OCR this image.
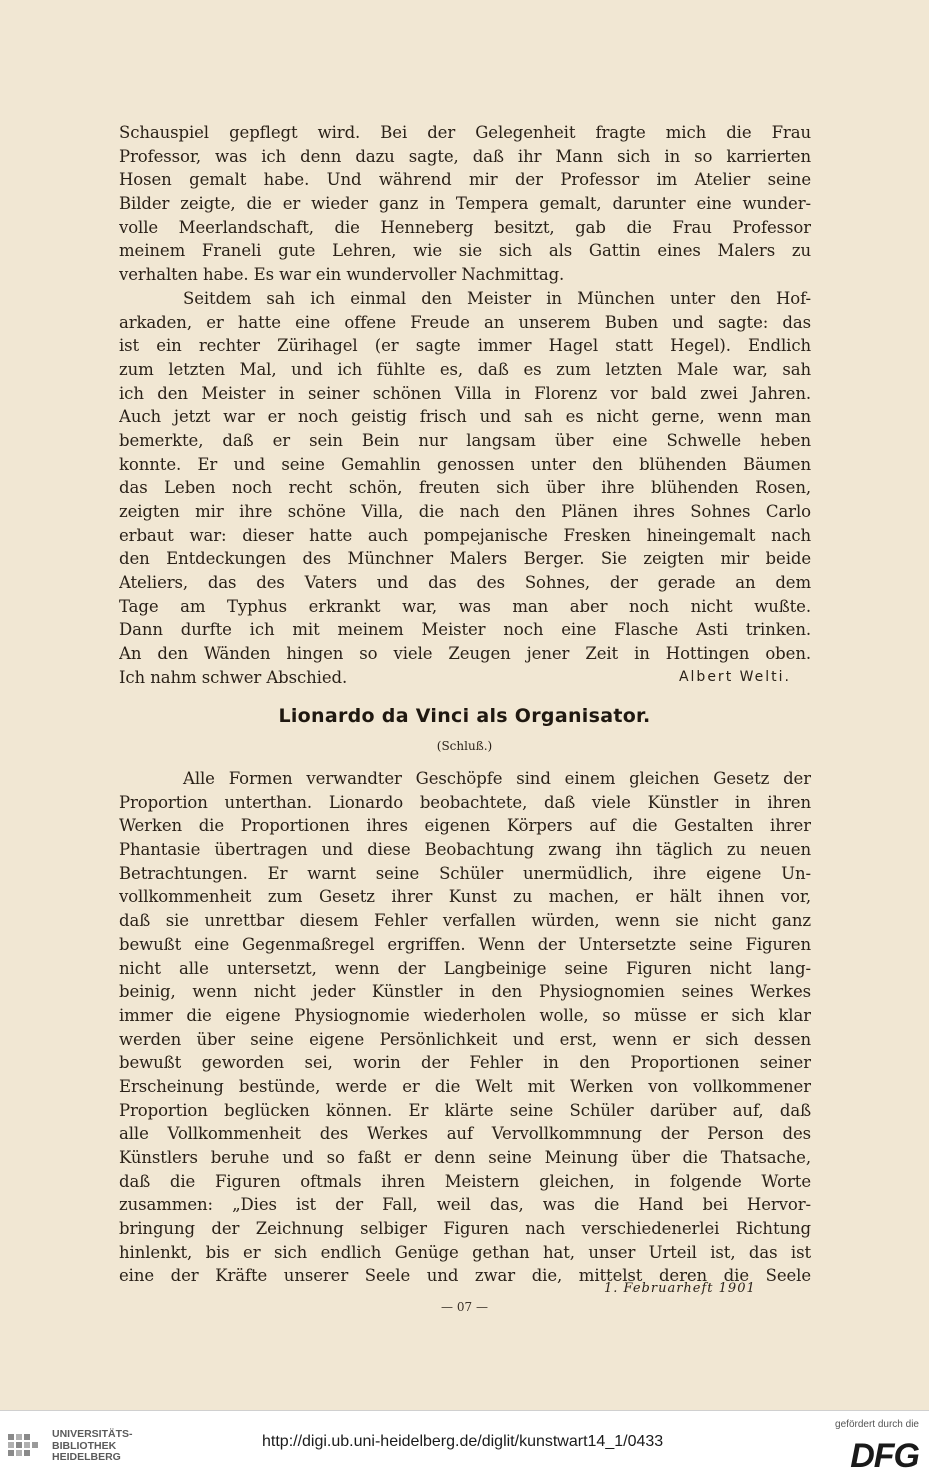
Schauspiel gepflegt wird. Bei der Gelegenheit fragte mich die Frau
Professor, was ich denn dazu sagte, daß ihr Mann sich in so karrierten
Hosen gemalt habe. Und während mir der Professor im Atelier seine
Bilder zeigte, die er wieder ganz in Tempera gemalt, darunter eine wunder-
volle Meerlandschaft, die Henneberg besitzt, gab die Frau Professor
meinem Franeli gute Lehren, wie sie sich als Gattin eines Malers zu
verhalten habe. Es war ein wundervoller Nachmittag.
Seitdem sah ich einmal den Meister in München unter den Hof-
arkaden, er hatte eine offene Freude an unserem Buben und sagte: das
ist ein rechter Zürihagel (er sagte immer Hagel statt Hegel). Endlich
zum letzten Mal, und ich fühlte es, daß es zum letzten Male war, sah
ich den Meister in seiner schönen Villa in Florenz vor bald zwei Jahren.
Auch jetzt war er noch geistig frisch und sah es nicht gerne, wenn man
bemerkte, daß er sein Bein nur langsam über eine Schwelle heben
konnte. Er und seine Gemahlin genossen unter den blühenden Bäumen
das Leben noch recht schön, freuten sich über ihre blühenden Rosen,
zeigten mir ihre schöne Villa, die nach den Plänen ihres Sohnes Carlo
erbaut war: dieser hatte auch pompejanische Fresken hineingemalt nach
den Entdeckungen des Münchner Malers Berger. Sie zeigten mir beide
Ateliers, das des Vaters und das des Sohnes, der gerade an dem
Tage am Typhus erkrankt war, was man aber noch nicht wußte.
Dann durfte ich mit meinem Meister noch eine Flasche Asti trinken.
An den Wänden hingen so viele Zeugen jener Zeit in Hottingen oben.
Ich nahm schwer Abschied.	Albert Welti.
Lionardo da Vinci als Organisator.
(Schluß.)
Alle Formen verwandter Geschöpfe sind einem gleichen Gesetz der
Proportion unterthan. Lionardo beobachtete, daß viele Künstler in ihren
Werken die Proportionen ihres eigenen Körpers auf die Gestalten ihrer
Phantasie übertragen und diese Beobachtung zwang ihn täglich zu neuen
Betrachtungen. Er warnt seine Schüler unermüdlich, ihre eigene Un-
vollkommenheit zum Gesetz ihrer Kunst zu machen, er hält ihnen vor,
daß sie unrettbar diesem Fehler verfallen würden, wenn sie nicht ganz
bewußt eine Gegenmaßregel ergriffen. Wenn der Untersetzte seine Figuren
nicht alle untersetzt, wenn der Langbeinige seine Figuren nicht lang-
beinig, wenn nicht jeder Künstler in den Physiognomien seines Werkes
immer die eigene Physiognomie wiederholen wolle, so müsse er sich klar
werden über seine eigene Persönlichkeit und erst, wenn er sich dessen
bewußt geworden sei, worin der Fehler in den Proportionen seiner
Erscheinung bestünde, werde er die Welt mit Werken von vollkommener
Proportion beglücken können. Er klärte seine Schüler darüber auf, daß
alle Vollkommenheit des Werkes auf Vervollkommnung der Person des
Künstlers beruhe und so faßt er denn seine Meinung über die Thatsache,
daß die Figuren oftmals ihren Meistern gleichen, in folgende Worte
zusammen: „Dies ist der Fall, weil das, was die Hand bei Hervor-
bringung der Zeichnung selbiger Figuren nach verschiedenerlei Richtung
hinlenkt, bis er sich endlich Genüge gethan hat, unser Urteil ist, das ist
eine der Kräfte unserer Seele und zwar die, mittelst deren die Seele
1. Februarheft 1901
— 07 —
UNIVERSITÄTS-
BIBLIOTHEK
HEIDELBERG
http://digi.ub.uni-heidelberg.de/diglit/kunstwart14_1/0433
gefördert durch die
DFG
